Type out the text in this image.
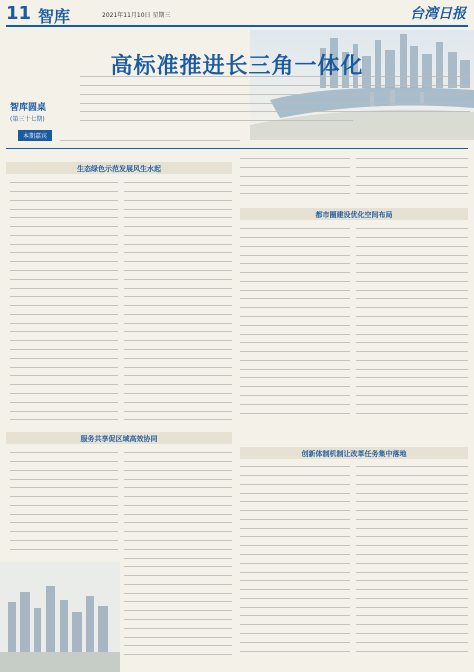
11 智库	2021年11月10日 星期三	台湾日报
高标准推进长三角一体化
智库圆桌
(第三十七期)
本期嘉宾
生态绿色示范发展风生水起
都市圈建设优化空间布局
服务共享促区域高效协同
创新体制机制让改革任务集中落地
